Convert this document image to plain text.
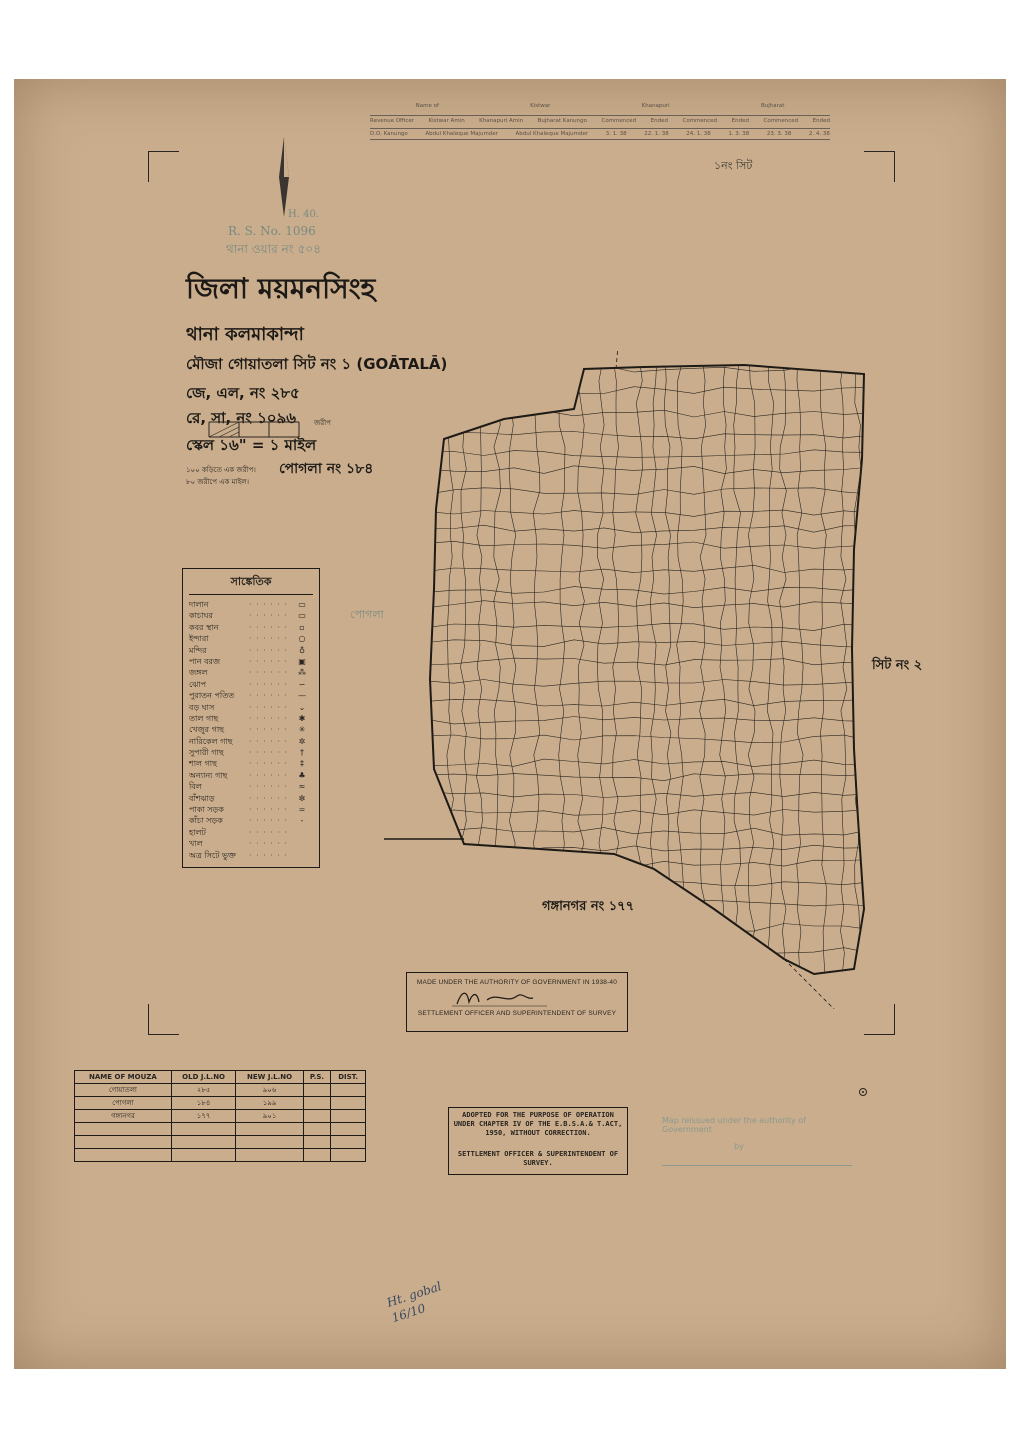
Name of	Kistwar	Khanapuri	Bujharat
Revenue Officer	Kistwar Amin	Khanapuri Amin	Bujharat Kanungo	Commenced	Ended	Commenced	Ended	Commenced	Ended
D.O. Kanungo	Abdul Khaleque Majumder	Abdul Khaleque Majumder	3. 1. 38	22. 1. 38	24. 1. 38	1. 3. 38	23. 3. 38	2. 4. 38
১নং সিট
H. 40.
R. S. No. 1096
থানা ওয়ার নং ৫০৪
জিলা ময়মনসিংহ
থানা কলমাকান্দা
মৌজা গোয়াতলা সিট নং ১ (GOĀTALĀ)
জে, এল, নং ২৮৫
রে, সা, নং ১০৯৬
স্কেল ১৬" = ১ মাইল
১০০ কড়িতে এক জরীপ।
৮০ জরীপে এক মাইল।
জরীপ
পোগলা নং ১৮৪
পোগলা
সিট নং ২
গঙ্গানগর নং ১৭৭
সাঙ্কেতিক
দালান	· · · · · ·	▭
কাচাঘর	· · · · · ·	▭
কবর স্থান	· · · · · ·	▫
ইন্দারা	· · · · · ·	○
মন্দির	· · · · · ·	♁
পান বরজ	· · · · · ·	▣
জঙ্গল	· · · · · ·	⁂
ঝোপ	· · · · · ·	∽
পুরাতন পতিত	· · · · · ·	—
বড় ঘাস	· · · · · ·	⌄
তাল গাছ	· · · · · ·	✱
খেজুর গাছ	· · · · · ·	✳
নারিকেল গাছ	· · · · · ·	✲
সুপারী গাছ	· · · · · ·	†
শাল গাছ	· · · · · ·	‡
অন্যান্য গাছ	· · · · · ·	♣
বিল	· · · · · ·	≈
বাঁশঝাড়	· · · · · ·	✼
পাকা সড়ক	· · · · · ·	=
কাঁচা সড়ক	· · · · · ·	-
হালট	· · · · · ·
খাল	· · · · · ·
অত্র সিটে ভুক্ত	· · · · · ·
MADE UNDER THE AUTHORITY OF GOVERNMENT IN 1938-40
SETTLEMENT OFFICER AND SUPERINTENDENT OF SURVEY
ADOPTED FOR THE PURPOSE OF OPERATION
UNDER CHAPTER IV OF THE E.B.S.A.& T.ACT,
1950, WITHOUT CORRECTION.
SETTLEMENT OFFICER & SUPERINTENDENT OF
SURVEY.
Map reissued under the authority of Government
by
NAME OF MOUZA	OLD J.L.NO	NEW J.L.NO	P.S.	DIST.
গোয়াতলা	২৮৫	৯০৬		
পোগলা	১৮৪	১৯৯		
গঙ্গানগর	১৭৭	৯০১		

Ht. gobal 16/10
